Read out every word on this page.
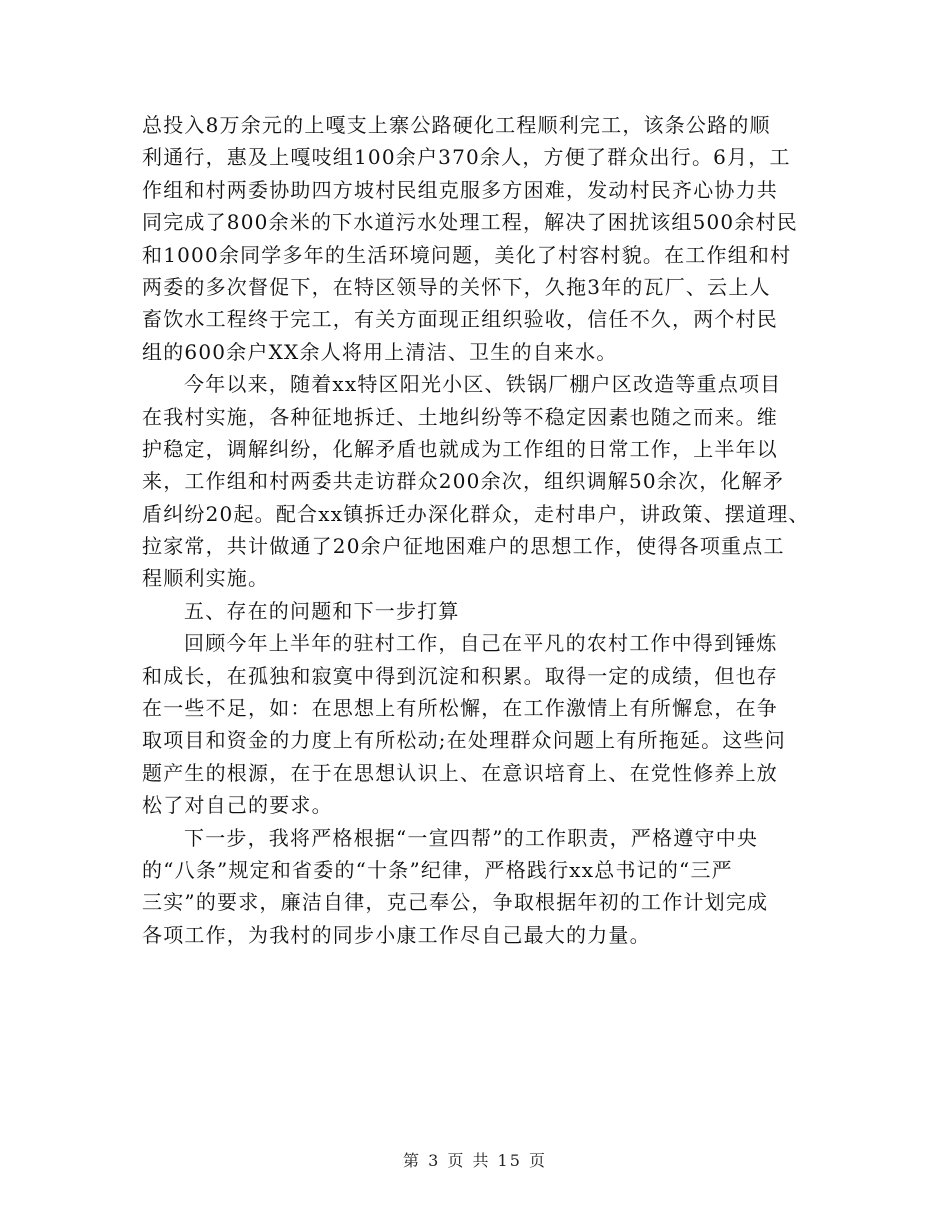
总投入8万余元的上嘎支上寨公路硬化工程顺利完工，该条公路的顺
利通行，惠及上嘎吱组100余户370余人，方便了群众出行。6月，工
作组和村两委协助四方坡村民组克服多方困难，发动村民齐心协力共
同完成了800余米的下水道污水处理工程，解决了困扰该组500余村民
和1000余同学多年的生活环境问题，美化了村容村貌。在工作组和村
两委的多次督促下，在特区领导的关怀下，久拖3年的瓦厂、云上人
畜饮水工程终于完工，有关方面现正组织验收，信任不久，两个村民
组的600余户XX余人将用上清洁、卫生的自来水。
今年以来，随着xx特区阳光小区、铁锅厂棚户区改造等重点项目
在我村实施，各种征地拆迁、土地纠纷等不稳定因素也随之而来。维
护稳定，调解纠纷，化解矛盾也就成为工作组的日常工作，上半年以
来，工作组和村两委共走访群众200余次，组织调解50余次，化解矛
盾纠纷20起。配合xx镇拆迁办深化群众，走村串户，讲政策、摆道理、
拉家常，共计做通了20余户征地困难户的思想工作，使得各项重点工
程顺利实施。
五、存在的问题和下一步打算
回顾今年上半年的驻村工作，自己在平凡的农村工作中得到锤炼
和成长，在孤独和寂寞中得到沉淀和积累。取得一定的成绩，但也存
在一些不足，如：在思想上有所松懈，在工作激情上有所懈怠，在争
取项目和资金的力度上有所松动;在处理群众问题上有所拖延。这些问
题产生的根源，在于在思想认识上、在意识培育上、在党性修养上放
松了对自己的要求。
下一步，我将严格根据“一宣四帮”的工作职责，严格遵守中央
的“八条”规定和省委的“十条”纪律，严格践行xx总书记的“三严
三实”的要求，廉洁自律，克己奉公，争取根据年初的工作计划完成
各项工作，为我村的同步小康工作尽自己最大的力量。
第 3 页 共 15 页
